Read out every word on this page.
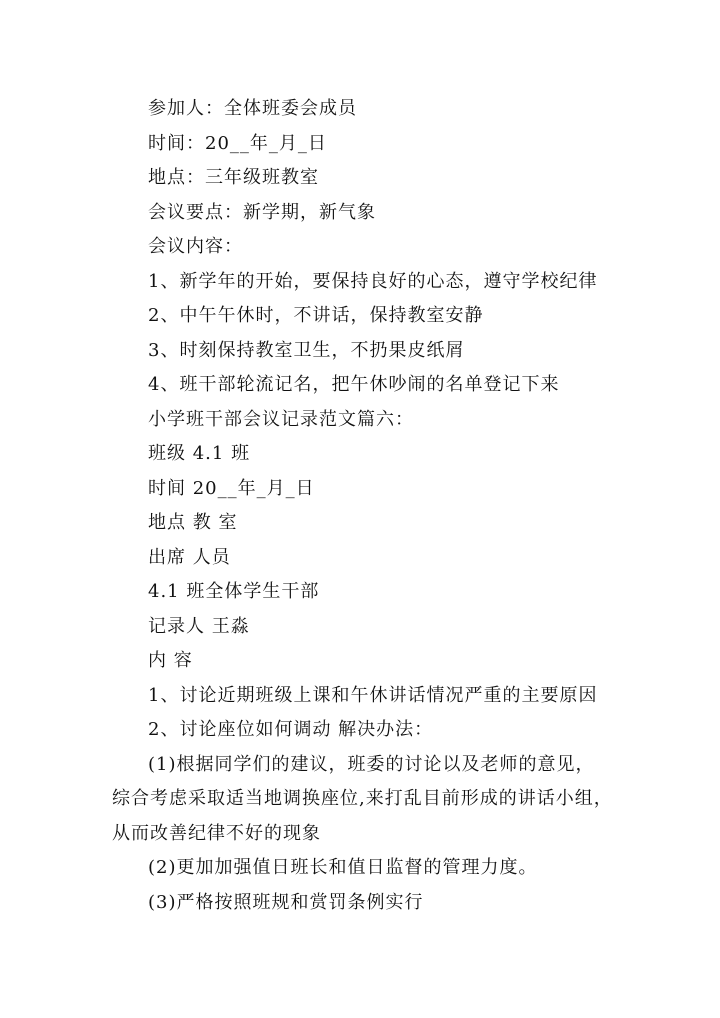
参加人：全体班委会成员
时间：20__年_月_日
地点：三年级班教室
会议要点：新学期，新气象
会议内容：
1、新学年的开始，要保持良好的心态，遵守学校纪律
2、中午午休时，不讲话，保持教室安静
3、时刻保持教室卫生，不扔果皮纸屑
4、班干部轮流记名，把午休吵闹的名单登记下来
小学班干部会议记录范文篇六：
班级 4.1 班
时间 20__年_月_日
地点 教 室
出席 人员
4.1 班全体学生干部
记录人 王淼
内 容
1、讨论近期班级上课和午休讲话情况严重的主要原因
2、讨论座位如何调动 解决办法：
(1)根据同学们的建议，班委的讨论以及老师的意见，
综合考虑采取适当地调换座位,来打乱目前形成的讲话小组，
从而改善纪律不好的现象
(2)更加加强值日班长和值日监督的管理力度。
(3)严格按照班规和赏罚条例实行
